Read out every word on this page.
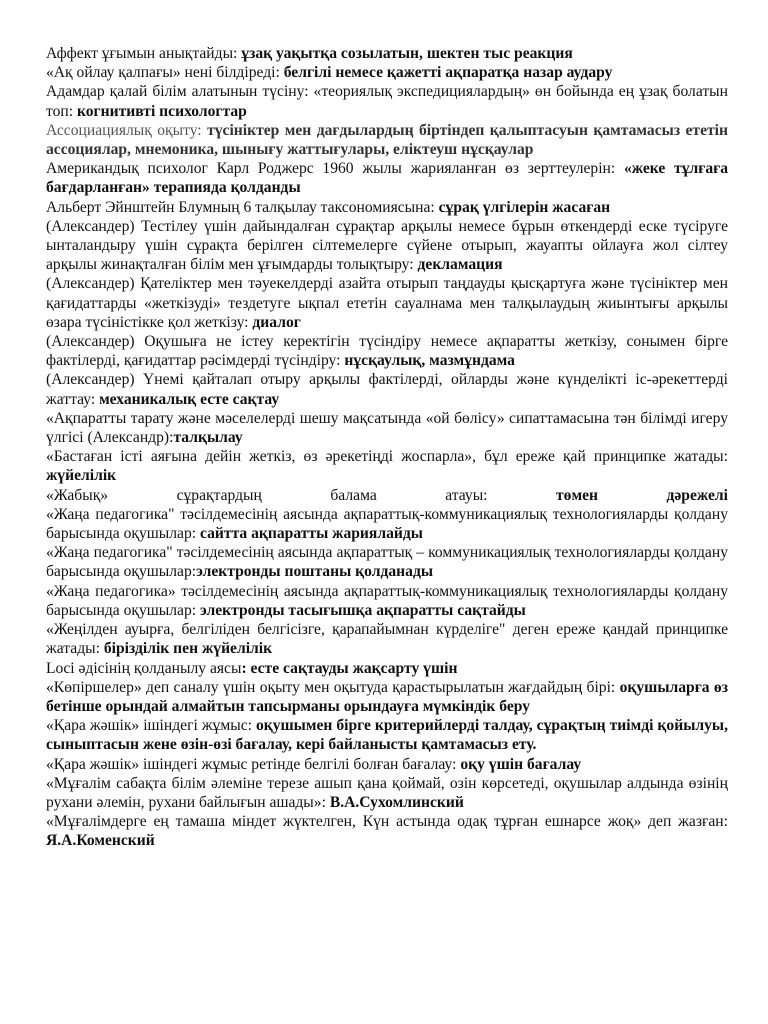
Аффект ұғымын анықтайды: ұзақ уақытқа созылатын, шектен тыс реакция

«Ақ ойлау қалпағы» нені білдіреді: белгілі немесе қажетті ақпаратқа назар аудару

Адамдар қалай білім алатынын түсіну: «теориялық экспедициялардың» өн бойында ең ұзақ болатын топ: когнитивті психологтар

Ассоциациялық оқыту: түсініктер мен дағдылардың біртіндеп қалыптасуын қамтамасыз ететін ассоциялар, мнемоника, шынығу жаттығулары, еліктеуш нұсқаулар

Американдық психолог Карл Роджерс 1960 жылы жарияланған өз зерттеулерін: «жеке тұлғаға бағдарланған» терапияда қолданды

Альберт Эйнштейн Блумның 6 талқылау таксономиясына: сұрақ үлгілерін жасаған

(Александер) Тестілеу үшін дайындалған сұрақтар арқылы немесе бұрын өткендерді еске түсіруге ынталандыру үшін сұрақта берілген сілтемелерге сүйене отырып, жауапты ойлауға жол сілтеу арқылы жинақталған білім мен ұғымдарды толықтыру: декламация

(Александер) Қателіктер мен тәуекелдерді азайта отырып таңдауды қысқартуға және түсініктер мен қағидаттарды «жеткізуді» тездетуге ықпал ететін сауалнама мен талқылаудың жиынтығы арқылы өзара түсіністікке қол жеткізу: диалог

(Александер) Оқушыға не істеу керектігін түсіндіру немесе ақпаратты жеткізу, сонымен бірге фактілерді, қағидаттар рәсімдерді түсіндіру: нұсқаулық, мазмұндама

(Александер) Үнемі қайталап отыру арқылы фактілерді, ойларды және күнделікті іс-әрекеттерді жаттау: механикалық есте сақтау

«Ақпаратты тарату және мәселелерді шешу мақсатында «ой бөлісу» сипаттамасына тән білімді игеру үлгісі (Александр):талқылау

«Бастаған істі аяғына дейін жеткіз, өз әрекетіңді жоспарла», бұл ереже қай принципке жатады: жүйелілік

«Жабық» сұрақтардың балама атауы: төмен дәрежелі

«Жаңа педагогика" тәсілдемесінің аясында ақпараттық-коммуникациялық технологияларды қолдану барысында оқушылар: сайтта ақпаратты жариялайды

«Жаңа педагогика" тәсілдемесінің аясында ақпараттық – коммуникациялық технологияларды қолдану барысында оқушылар:электронды поштаны қолданады

«Жаңа педагогика» тәсілдемесінің аясында ақпараттық-коммуникациялық технологияларды қолдану барысында оқушылар: электронды тасығышқа ақпаратты сақтайды

«Жеңілден ауырға, белгіліден белгісізге, қарапайымнан күрделіге" деген ереже қандай принципке жатады: бірізділік пен жүйелілік

Loci әдісінің қолданылу аясы: есте сақтауды жақсарту үшін

«Көпіршелер» деп саналу үшін оқыту мен оқытуда қарастырылатын жағдайдың бірі: оқушыларға өз бетінше орындай алмайтын тапсырманы орындауға мүмкіндік беру

«Қара жәшік» ішіндегі жұмыс: оқушымен бірге критерийлерді талдау, сұрақтың тиімді қойылуы, сыныптасын жене өзін-өзі бағалау, кері байланысты қамтамасыз ету.

«Қара жәшік» ішіндегі жұмыс ретінде белгілі болған бағалау: оқу үшін бағалау

«Мұғалім сабақта білім әлеміне терезе ашып қана қоймай, озін көрсетеді, оқушылар алдында өзінің рухани әлемін, рухани байлығын ашады»: В.А.Сухомлинский

«Мұғалімдерге ең тамаша міндет жүктелген, Күн астында одақ тұрған ешнарсе жоқ» деп жазған: Я.А.Коменский
